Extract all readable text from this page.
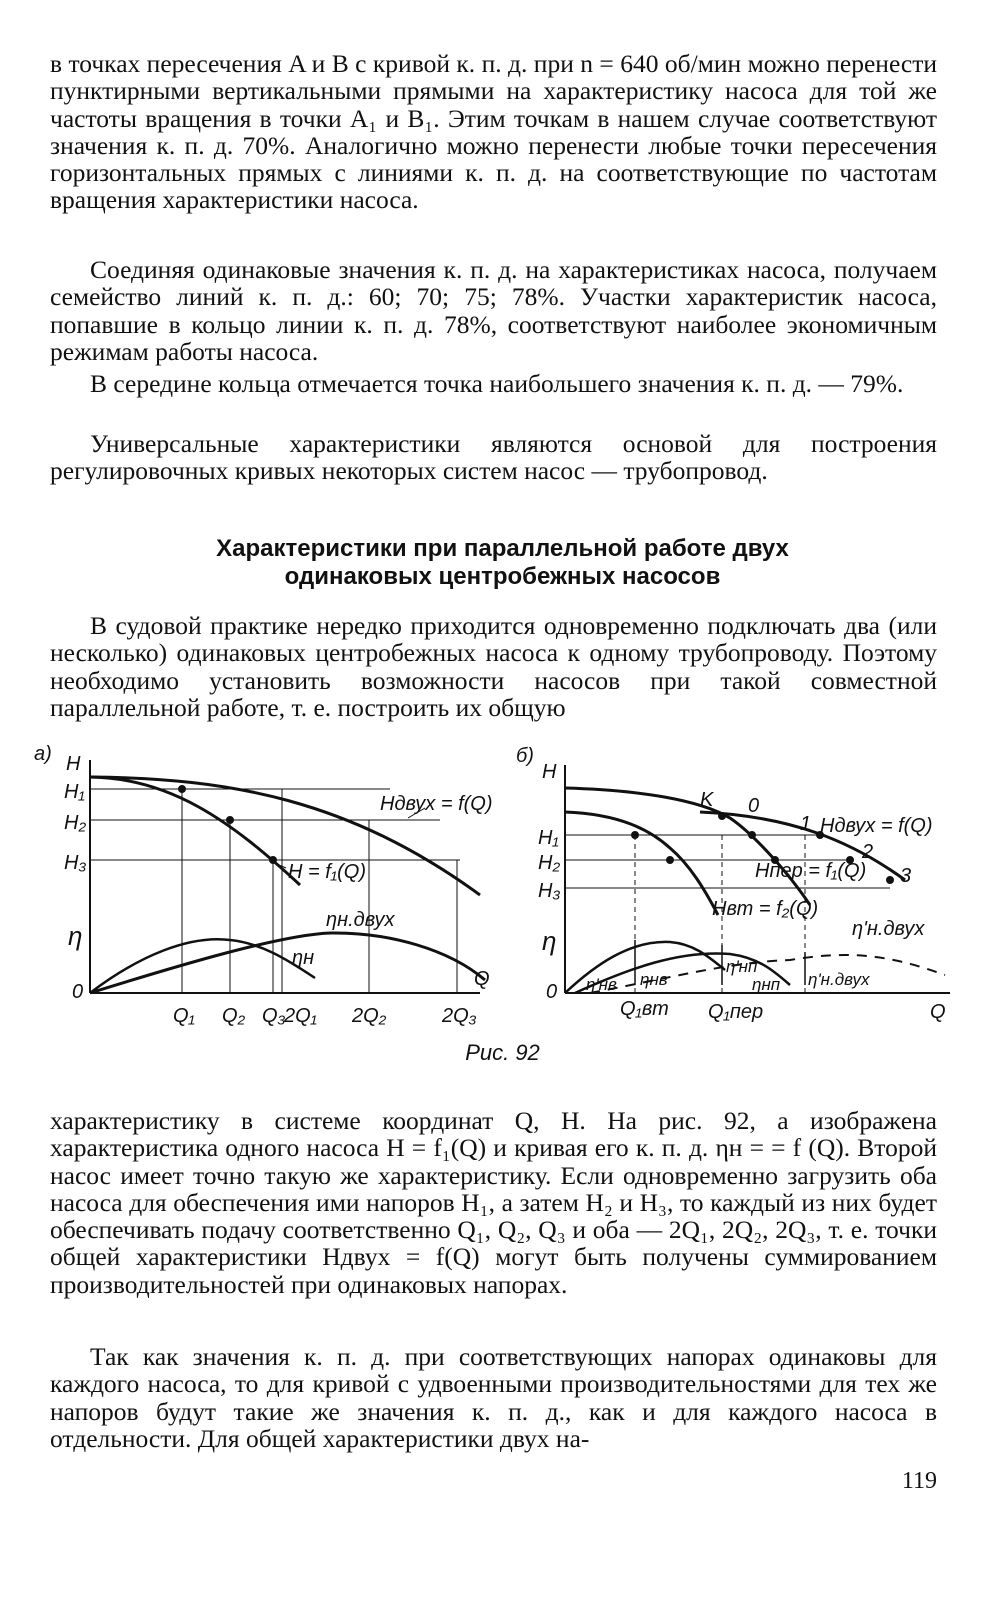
в точках пересечения A и B с кривой к. п. д. при n = 640 об/мин можно перенести пунктирными вертикальными прямыми на характеристику насоса для той же частоты вращения в точки A₁ и B₁. Этим точкам в нашем случае соответствуют значения к. п. д. 70%. Аналогично можно перенести любые точки пересечения горизонтальных прямых с линиями к. п. д. на соответствующие по частотам вращения характеристики насоса.

Соединяя одинаковые значения к. п. д. на характеристиках насоса, получаем семейство линий к. п. д.: 60; 70; 75; 78%. Участки характеристик насоса, попавшие в кольцо линии к. п. д. 78%, соответствуют наиболее экономичным режимам работы насоса.

В середине кольца отмечается точка наибольшего значения к. п. д. — 79%.

Универсальные характеристики являются основой для построения регулировочных кривых некоторых систем насос — трубопровод.

Характеристики при параллельной работе двух
одинаковых центробежных насосов

В судовой практике нередко приходится одновременно подключать два (или несколько) одинаковых центробежных насоса к одному трубопроводу. Поэтому необходимо установить возможности насосов при такой совместной параллельной работе, т. е. построить их общую

а) H
H₁
H₂
H₃
η
0
Q
Q₁ Q₂ Q₃
2Q₁ 2Q₂	2Q₃
Hдвух = f(Q)
H = f₁(Q)
ηн.двух
ηн
б)
H
H₁
H₂
H₃
η
0
Q
Q₁вт Q₁пер
K 0
1
2
3
Hдвух = f(Q)
Hпер = f₁(Q)
Hвт = f₂(Q)
η'н.двух
ηнв
η'нв
η'нп
ηнп η'н.двух
Рис. 92

характеристику в системе координат Q, H. На рис. 92, a изображена характеристика одного насоса H = f₁(Q) и кривая его к. п. д. ηн = = f (Q). Второй насос имеет точно такую же характеристику. Если одновременно загрузить оба насоса для обеспечения ими напоров H₁, а затем H₂ и H₃, то каждый из них будет обеспечивать подачу соответственно Q₁, Q₂, Q₃ и оба — 2Q₁, 2Q₂, 2Q₃, т. е. точки общей характеристики Hдвух = f(Q) могут быть получены суммированием производительностей при одинаковых напорах.

Так как значения к. п. д. при соответствующих напорах одинаковы для каждого насоса, то для кривой с удвоенными производительностями для тех же напоров будут такие же значения к. п. д., как и для каждого насоса в отдельности. Для общей характеристики двух на-

119
